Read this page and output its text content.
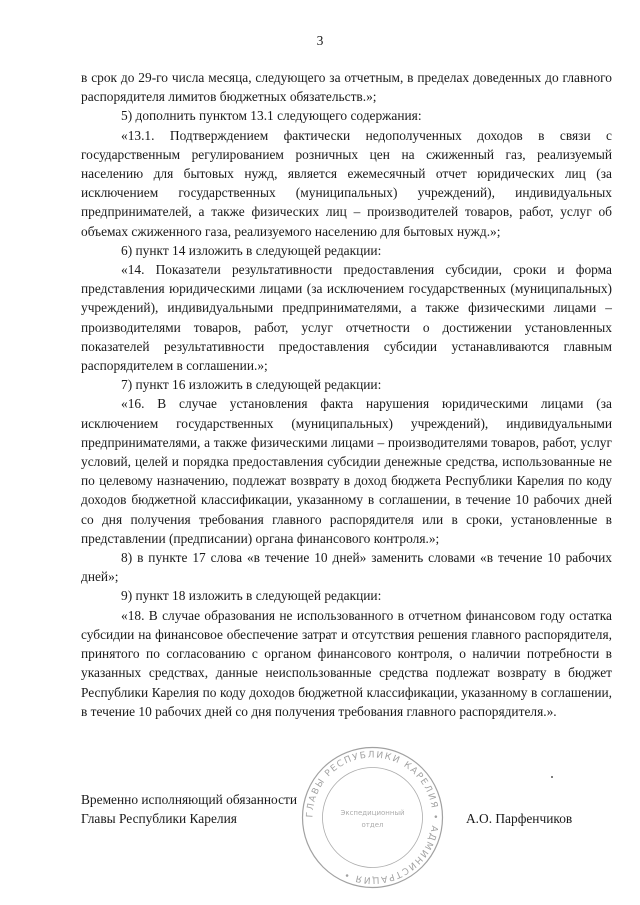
3

в срок до 29-го числа месяца, следующего за отчетным, в пределах доведенных до главного распорядителя лимитов бюджетных обязательств.»;

5) дополнить пунктом 13.1 следующего содержания:

«13.1. Подтверждением фактически недополученных доходов в связи с государственным регулированием розничных цен на сжиженный газ, реализуемый населению для бытовых нужд, является ежемесячный отчет юридических лиц (за исключением государственных (муниципальных) учреждений), индивидуальных предпринимателей, а также физических лиц – производителей товаров, работ, услуг об объемах сжиженного газа, реализуемого населению для бытовых нужд.»;

6) пункт 14 изложить в следующей редакции:

«14. Показатели результативности предоставления субсидии, сроки и форма представления юридическими лицами (за исключением государственных (муниципальных) учреждений), индивидуальными предпринимателями, а также физическими лицами – производителями товаров, работ, услуг отчетности о достижении установленных показателей результативности предоставления субсидии устанавливаются главным распорядителем в соглашении.»;

7) пункт 16 изложить в следующей редакции:

«16. В случае установления факта нарушения юридическими лицами (за исключением государственных (муниципальных) учреждений), индивидуальными предпринимателями, а также физическими лицами – производителями товаров, работ, услуг условий, целей и порядка предоставления субсидии денежные средства, использованные не по целевому назначению, подлежат возврату в доход бюджета Республики Карелия по коду доходов бюджетной классификации, указанному в соглашении, в течение 10 рабочих дней со дня получения требования главного распорядителя или в сроки, установленные в представлении (предписании) органа финансового контроля.»;

8) в пункте 17 слова «в течение 10 дней» заменить словами «в течение 10 рабочих дней»;

9) пункт 18 изложить в следующей редакции:

«18. В случае образования не использованного в отчетном финансовом году остатка субсидии на финансовое обеспечение затрат и отсутствия решения главного распорядителя, принятого по согласованию с органом финансового контроля, о наличии потребности в указанных средствах, данные неиспользованные средства подлежат возврату в бюджет Республики Карелия по коду доходов бюджетной классификации, указанному в соглашении, в течение 10 рабочих дней со дня получения требования главного распорядителя.».

ГЛАВЫ РЕСПУБЛИКИ КАРЕЛИЯ • АДМИНИСТРАЦИЯ •
Экспедиционный
отдел
Временно исполняющий обязанности
Главы Республики Карелия	А.О. Парфенчиков
